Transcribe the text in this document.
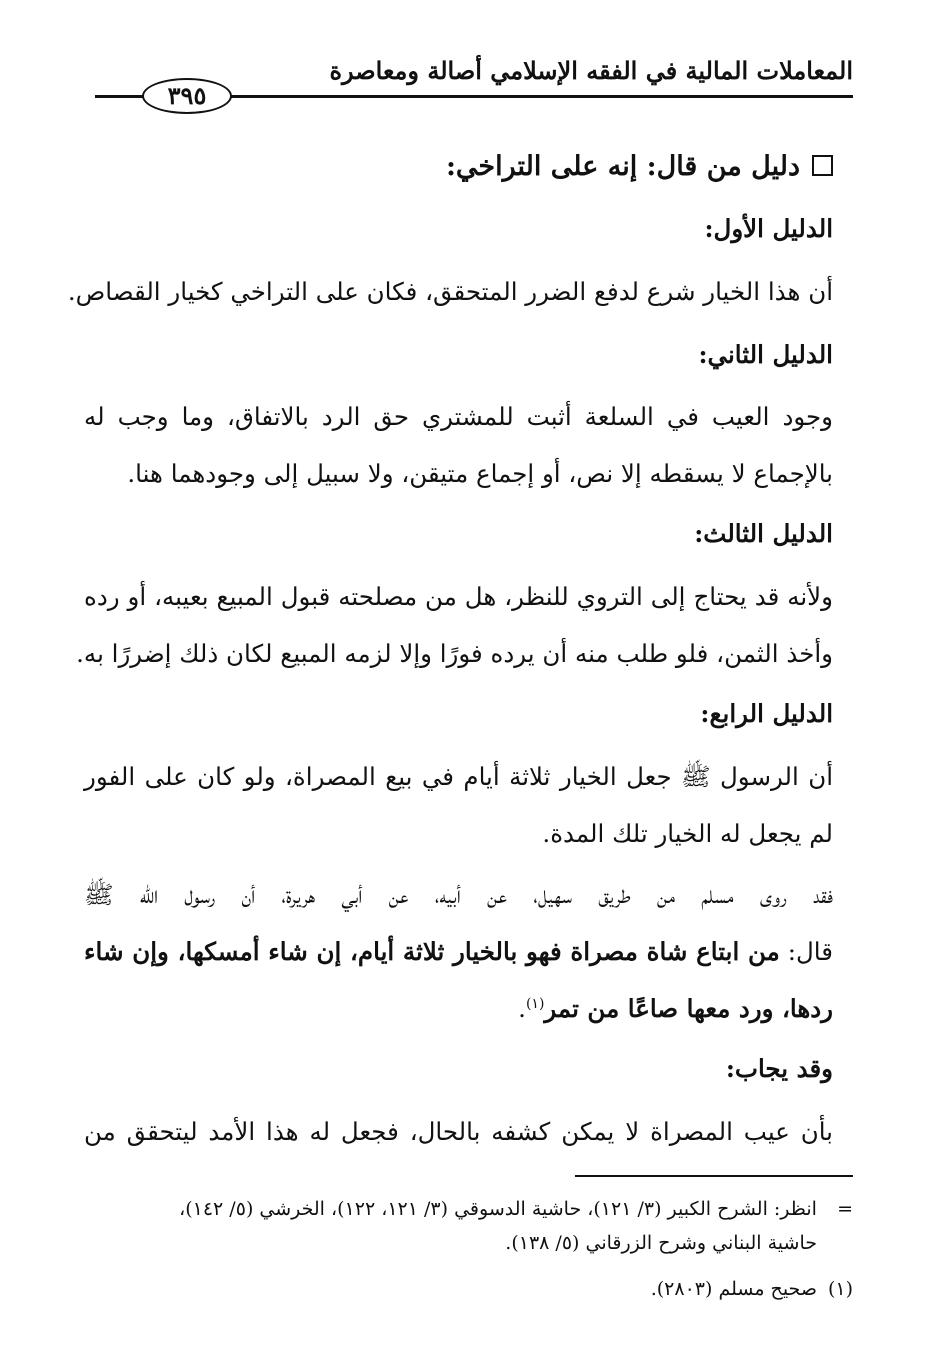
المعاملات المالية في الفقه الإسلامي أصالة ومعاصرة
٣٩٥
دليل من قال: إنه على التراخي:
الدليل الأول:
أن هذا الخيار شرع لدفع الضرر المتحقق، فكان على التراخي كخيار القصاص.
الدليل الثاني:
وجود العيب في السلعة أثبت للمشتري حق الرد بالاتفاق، وما وجب له
بالإجماع لا يسقطه إلا نص، أو إجماع متيقن، ولا سبيل إلى وجودهما هنا.
الدليل الثالث:
ولأنه قد يحتاج إلى التروي للنظر، هل من مصلحته قبول المبيع بعيبه، أو رده
وأخذ الثمن، فلو طلب منه أن يرده فورًا وإلا لزمه المبيع لكان ذلك إضررًا به.
الدليل الرابع:
أن الرسول ﷺ جعل الخيار ثلاثة أيام في بيع المصراة، ولو كان على الفور
لم يجعل له الخيار تلك المدة.
فقد روى مسلم من طريق سهيل، عن أبيه، عن أبي هريرة، أن رسول الله ﷺ
قال: من ابتاع شاة مصراة فهو بالخيار ثلاثة أيام، إن شاء أمسكها، وإن شاء
ردها، ورد معها صاعًا من تمر$^{(١)}$.
وقد يجاب:
بأن عيب المصراة لا يمكن كشفه بالحال، فجعل له هذا الأمد ليتحقق من
= انظر: الشرح الكبير (٣/ ١٢١)، حاشية الدسوقي (٣/ ١٢١، ١٢٢)، الخرشي (٥/ ١٤٢)،
حاشية البناني وشرح الزرقاني (٥/ ١٣٨).
(١) صحيح مسلم (٢٨٠٣).
